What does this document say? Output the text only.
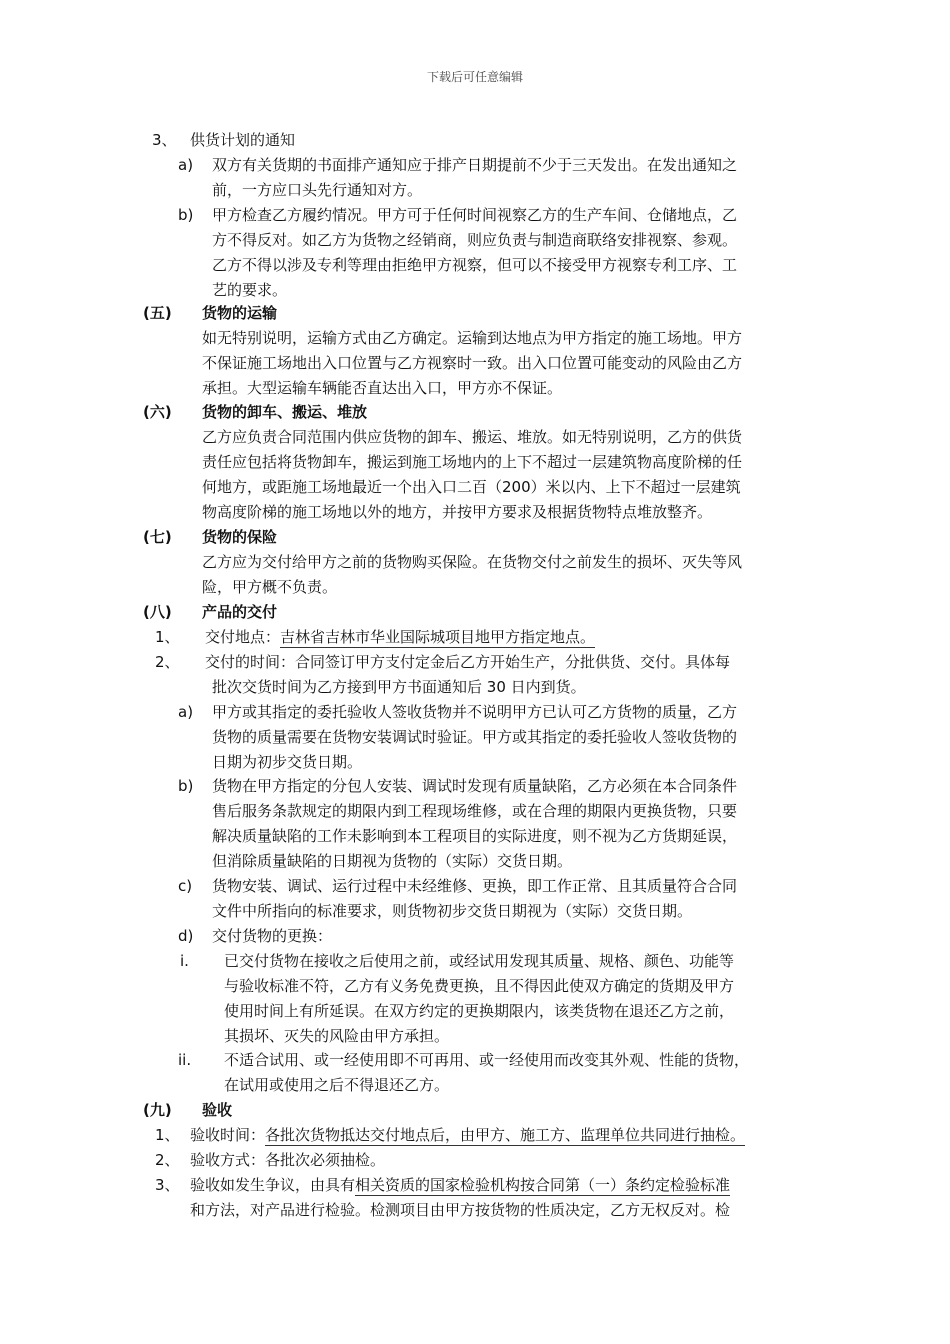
下载后可任意编辑
3、 供货计划的通知
a) 双方有关货期的书面排产通知应于排产日期提前不少于三天发出。在发出通知之
前，一方应口头先行通知对方。
b) 甲方检查乙方履约情况。甲方可于任何时间视察乙方的生产车间、仓储地点，乙
方不得反对。如乙方为货物之经销商，则应负责与制造商联络安排视察、参观。
乙方不得以涉及专利等理由拒绝甲方视察，但可以不接受甲方视察专利工序、工
艺的要求。
(五) 货物的运输
如无特别说明，运输方式由乙方确定。运输到达地点为甲方指定的施工场地。甲方
不保证施工场地出入口位置与乙方视察时一致。出入口位置可能变动的风险由乙方
承担。大型运输车辆能否直达出入口，甲方亦不保证。
(六) 货物的卸车、搬运、堆放
乙方应负责合同范围内供应货物的卸车、搬运、堆放。如无特别说明，乙方的供货
责任应包括将货物卸车，搬运到施工场地内的上下不超过一层建筑物高度阶梯的任
何地方，或距施工场地最近一个出入口二百（200）米以内、上下不超过一层建筑
物高度阶梯的施工场地以外的地方，并按甲方要求及根据货物特点堆放整齐。
(七) 货物的保险
乙方应为交付给甲方之前的货物购买保险。在货物交付之前发生的损坏、灭失等风
险，甲方概不负责。
(八) 产品的交付
1、 交付地点：吉林省吉林市华业国际城项目地甲方指定地点。
2、 交付的时间：合同签订甲方支付定金后乙方开始生产，分批供货、交付。具体每
批次交货时间为乙方接到甲方书面通知后 30 日内到货。
a) 甲方或其指定的委托验收人签收货物并不说明甲方已认可乙方货物的质量，乙方
货物的质量需要在货物安装调试时验证。甲方或其指定的委托验收人签收货物的
日期为初步交货日期。
b) 货物在甲方指定的分包人安装、调试时发现有质量缺陷，乙方必须在本合同条件
售后服务条款规定的期限内到工程现场维修，或在合理的期限内更换货物，只要
解决质量缺陷的工作未影响到本工程项目的实际进度，则不视为乙方货期延误，
但消除质量缺陷的日期视为货物的（实际）交货日期。
c) 货物安装、调试、运行过程中未经维修、更换，即工作正常、且其质量符合合同
文件中所指向的标准要求，则货物初步交货日期视为（实际）交货日期。
d) 交付货物的更换：
i. 已交付货物在接收之后使用之前，或经试用发现其质量、规格、颜色、功能等
与验收标准不符，乙方有义务免费更换，且不得因此使双方确定的货期及甲方
使用时间上有所延误。在双方约定的更换期限内，该类货物在退还乙方之前，
其损坏、灭失的风险由甲方承担。
ii. 不适合试用、或一经使用即不可再用、或一经使用而改变其外观、性能的货物，
在试用或使用之后不得退还乙方。
(九) 验收
1、 验收时间：各批次货物抵达交付地点后，由甲方、施工方、监理单位共同进行抽检。
2、 验收方式：各批次必须抽检。
3、 验收如发生争议，由具有相关资质的国家检验机构按合同第（一）条约定检验标准
和方法，对产品进行检验。检测项目由甲方按货物的性质决定，乙方无权反对。检
